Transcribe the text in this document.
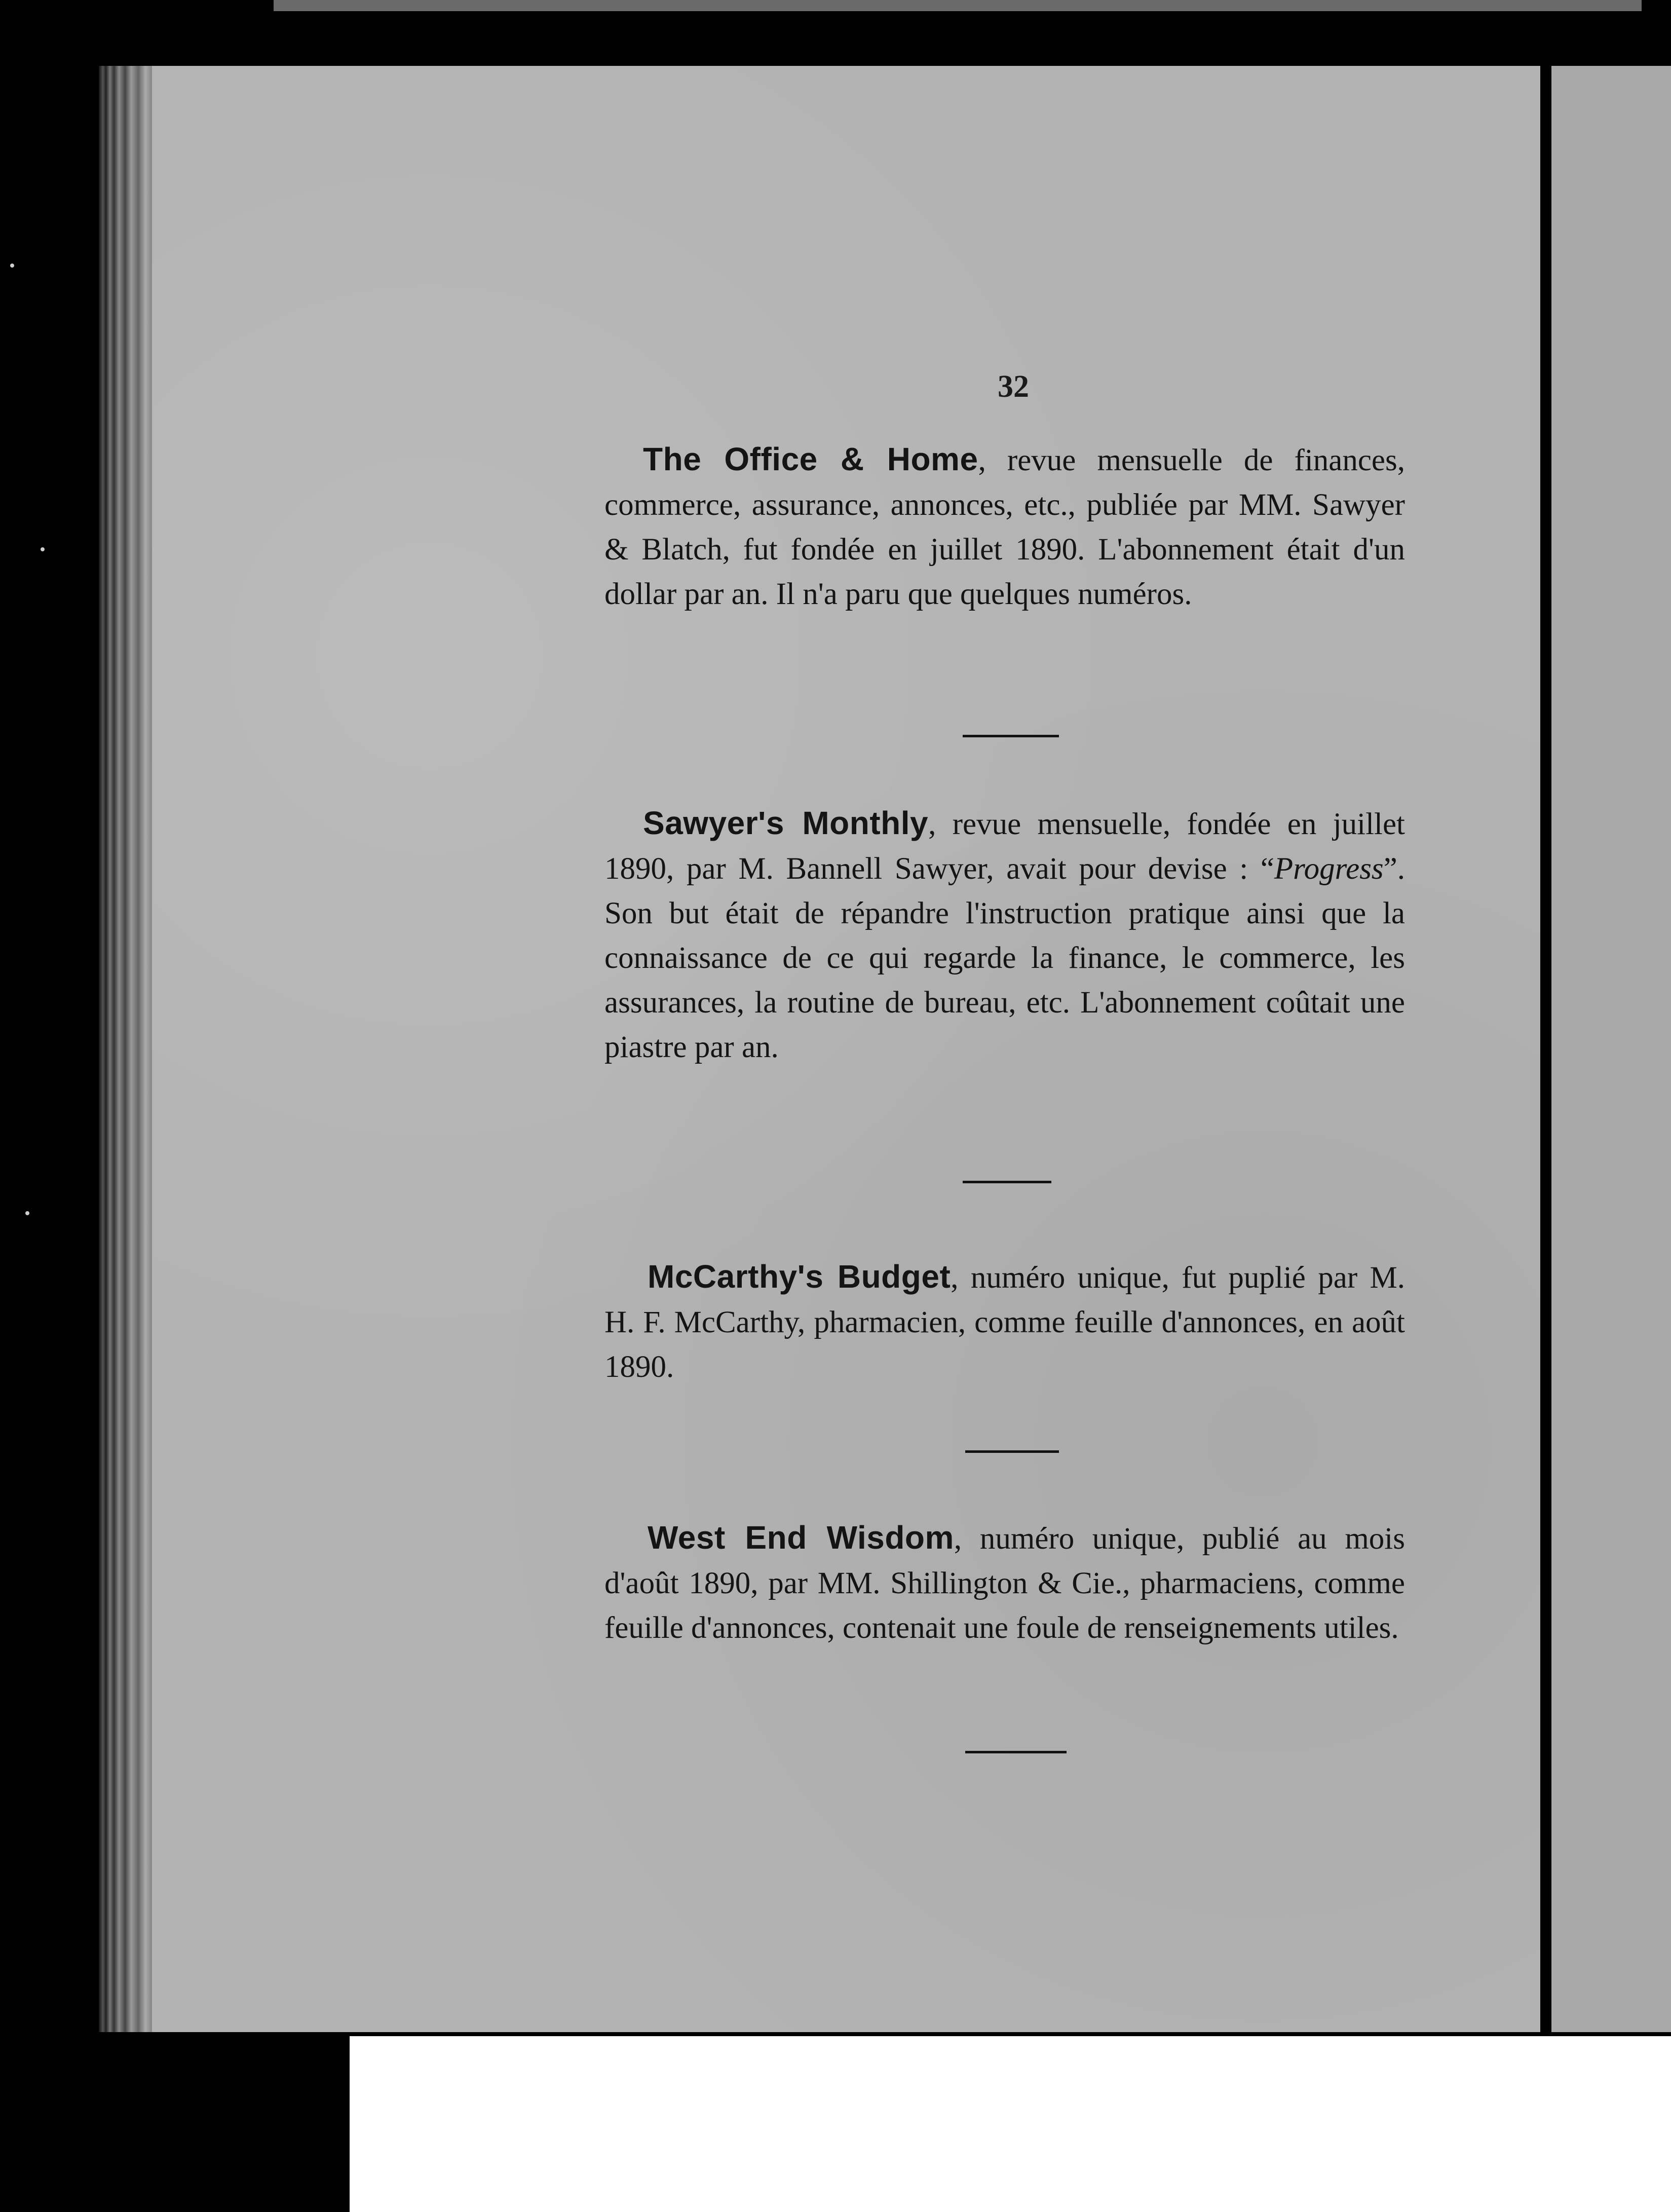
32
The Office & Home, revue mensuelle de finances, commerce, assurance, annonces, etc., publiée par MM. Sawyer & Blatch, fut fondée en juillet 1890. L'abonnement était d'un dollar par an. Il n'a paru que quelques numéros.
Sawyer's Monthly, revue mensuelle, fondée en juillet 1890, par M. Bannell Sawyer, avait pour devise : “Progress”. Son but était de répandre l'instruction pratique ainsi que la connaissance de ce qui regarde la finance, le commerce, les assurances, la routine de bureau, etc. L'abonnement coûtait une piastre par an.
McCarthy's Budget, numéro unique, fut puplié par M. H. F. McCarthy, pharmacien, comme feuille d'annonces, en août 1890.
West End Wisdom, numéro unique, publié au mois d'août 1890, par MM. Shillington & Cie., pharmaciens, comme feuille d'annonces, contenait une foule de renseignements utiles.
